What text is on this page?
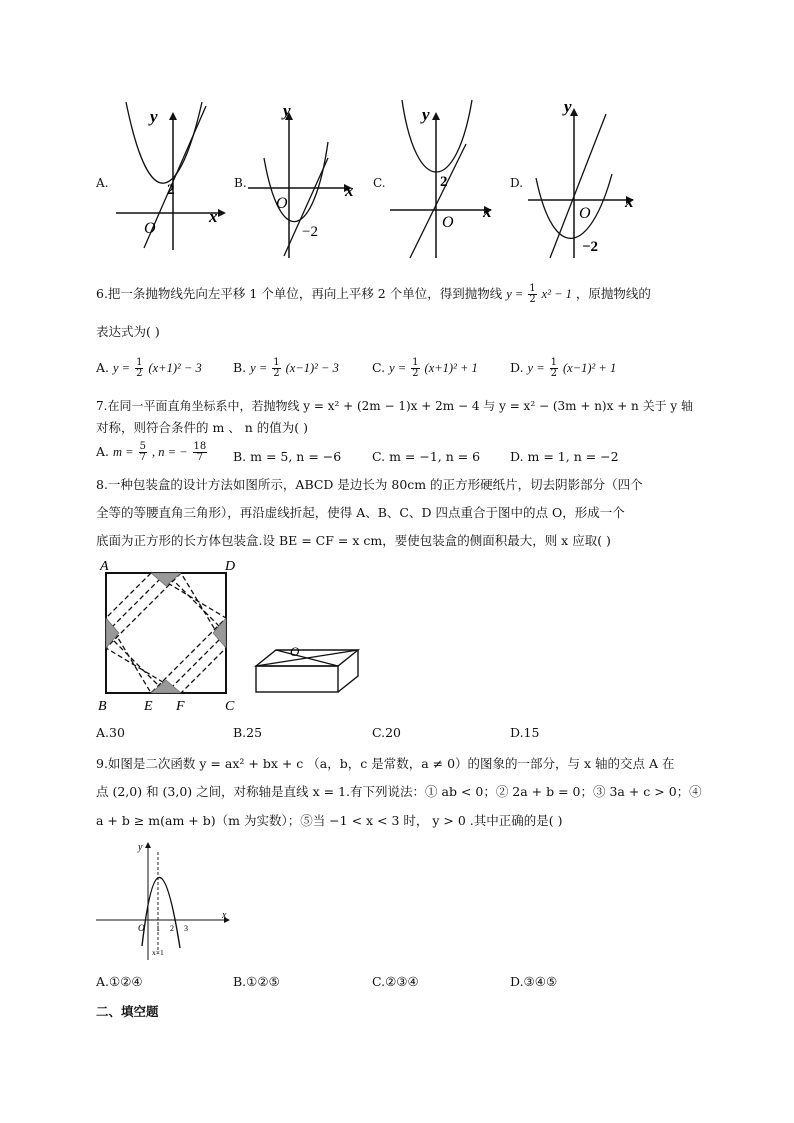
A.
y
x
O
2	B.
y
x
O
−2
C.
y
x
O
2	D.
y
x
O
−2
6.把一条抛物线先向左平移 1 个单位，再向上平移 2 个单位，得到抛物线 $y = \frac{1}{2} x^2 - 1$ ，原抛物线的
表达式为( )
A. $y = \frac{1}{2} (x+1)^2 - 3$	B. $y = \frac{1}{2} (x-1)^2 - 3$	C. $y = \frac{1}{2} (x+1)^2 + 1$	D. $y = \frac{1}{2} (x-1)^2 + 1$
7.在同一平面直角坐标系中，若抛物线 y = x² + (2m − 1)x + 2m − 4 与 y = x² − (3m + n)x + n 关于 y 轴
对称，则符合条件的 m 、 n 的值为( )
A. $m = \frac{5}{7}$ , n = − $\frac{18}{7} B$. m = 5, n = −6 C. m = −1, n = 6 D. m = 1, n = −2
8.一种包装盒的设计方法如图所示，ABCD 是边长为 80cm 的正方形硬纸片，切去阴影部分（四个
全等的等腰直角三角形），再沿虚线折起，使得 A、B、C、D 四点重合于图中的点 O，形成一个
底面为正方形的长方体包装盒.设 BE = CF = x cm，要使包装盒的侧面积最大，则 x 应取( )
A	D
B	E F	C
O
A.30	B.25	C.20	D.15
9.如图是二次函数 y = ax² + bx + c （a，b，c 是常数，a ≠ 0）的图象的一部分，与 x 轴的交点 A 在
点 (2,0) 和 (3,0) 之间，对称轴是直线 x = 1.有下列说法：① ab < 0；② 2a + b = 0；③ 3a + c > 0；④
a + b ≥ m(am + b)（m 为实数）；⑤当 −1 < x < 3 时， y > 0 .其中正确的是( )
y
x
O 1 2 3
x=1
A.①②④	B.①②⑤	C.②③④	D.③④⑤
二、填空题
